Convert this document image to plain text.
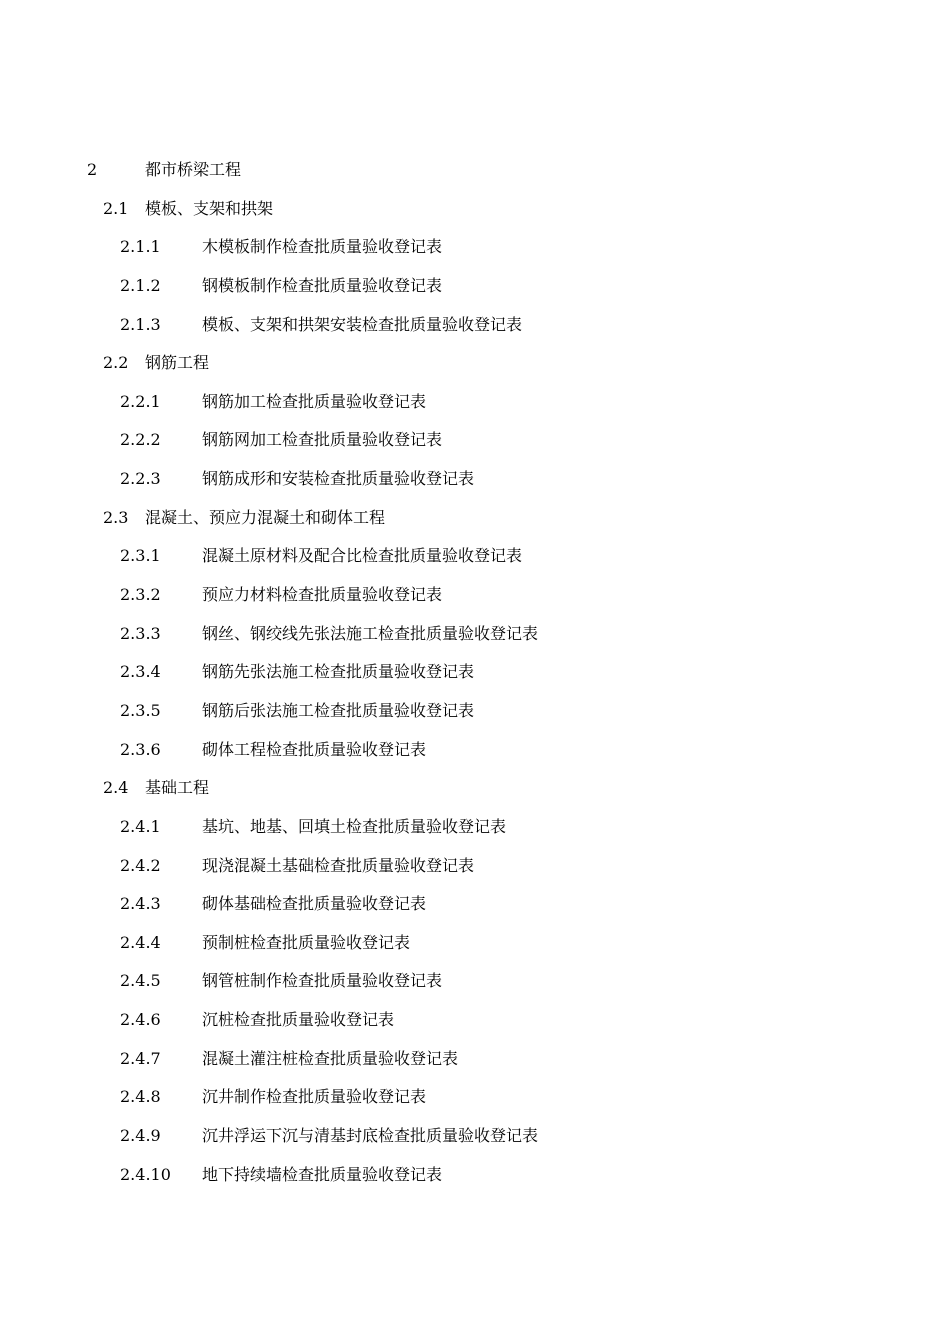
2	都市桥梁工程
2.1 模板、支架和拱架
2.1.1	木模板制作检查批质量验收登记表
2.1.2	钢模板制作检查批质量验收登记表
2.1.3	模板、支架和拱架安装检查批质量验收登记表
2.2 钢筋工程
2.2.1	钢筋加工检查批质量验收登记表
2.2.2	钢筋网加工检查批质量验收登记表
2.2.3	钢筋成形和安装检查批质量验收登记表
2.3 混凝土、预应力混凝土和砌体工程
2.3.1	混凝土原材料及配合比检查批质量验收登记表
2.3.2	预应力材料检查批质量验收登记表
2.3.3	钢丝、钢绞线先张法施工检查批质量验收登记表
2.3.4	钢筋先张法施工检查批质量验收登记表
2.3.5	钢筋后张法施工检查批质量验收登记表
2.3.6	砌体工程检查批质量验收登记表
2.4 基础工程
2.4.1	基坑、地基、回填土检查批质量验收登记表
2.4.2	现浇混凝土基础检查批质量验收登记表
2.4.3	砌体基础检查批质量验收登记表
2.4.4	预制桩检查批质量验收登记表
2.4.5	钢管桩制作检查批质量验收登记表
2.4.6	沉桩检查批质量验收登记表
2.4.7	混凝土灌注桩检查批质量验收登记表
2.4.8	沉井制作检查批质量验收登记表
2.4.9	沉井浮运下沉与清基封底检查批质量验收登记表
2.4.10 地下持续墙检查批质量验收登记表
